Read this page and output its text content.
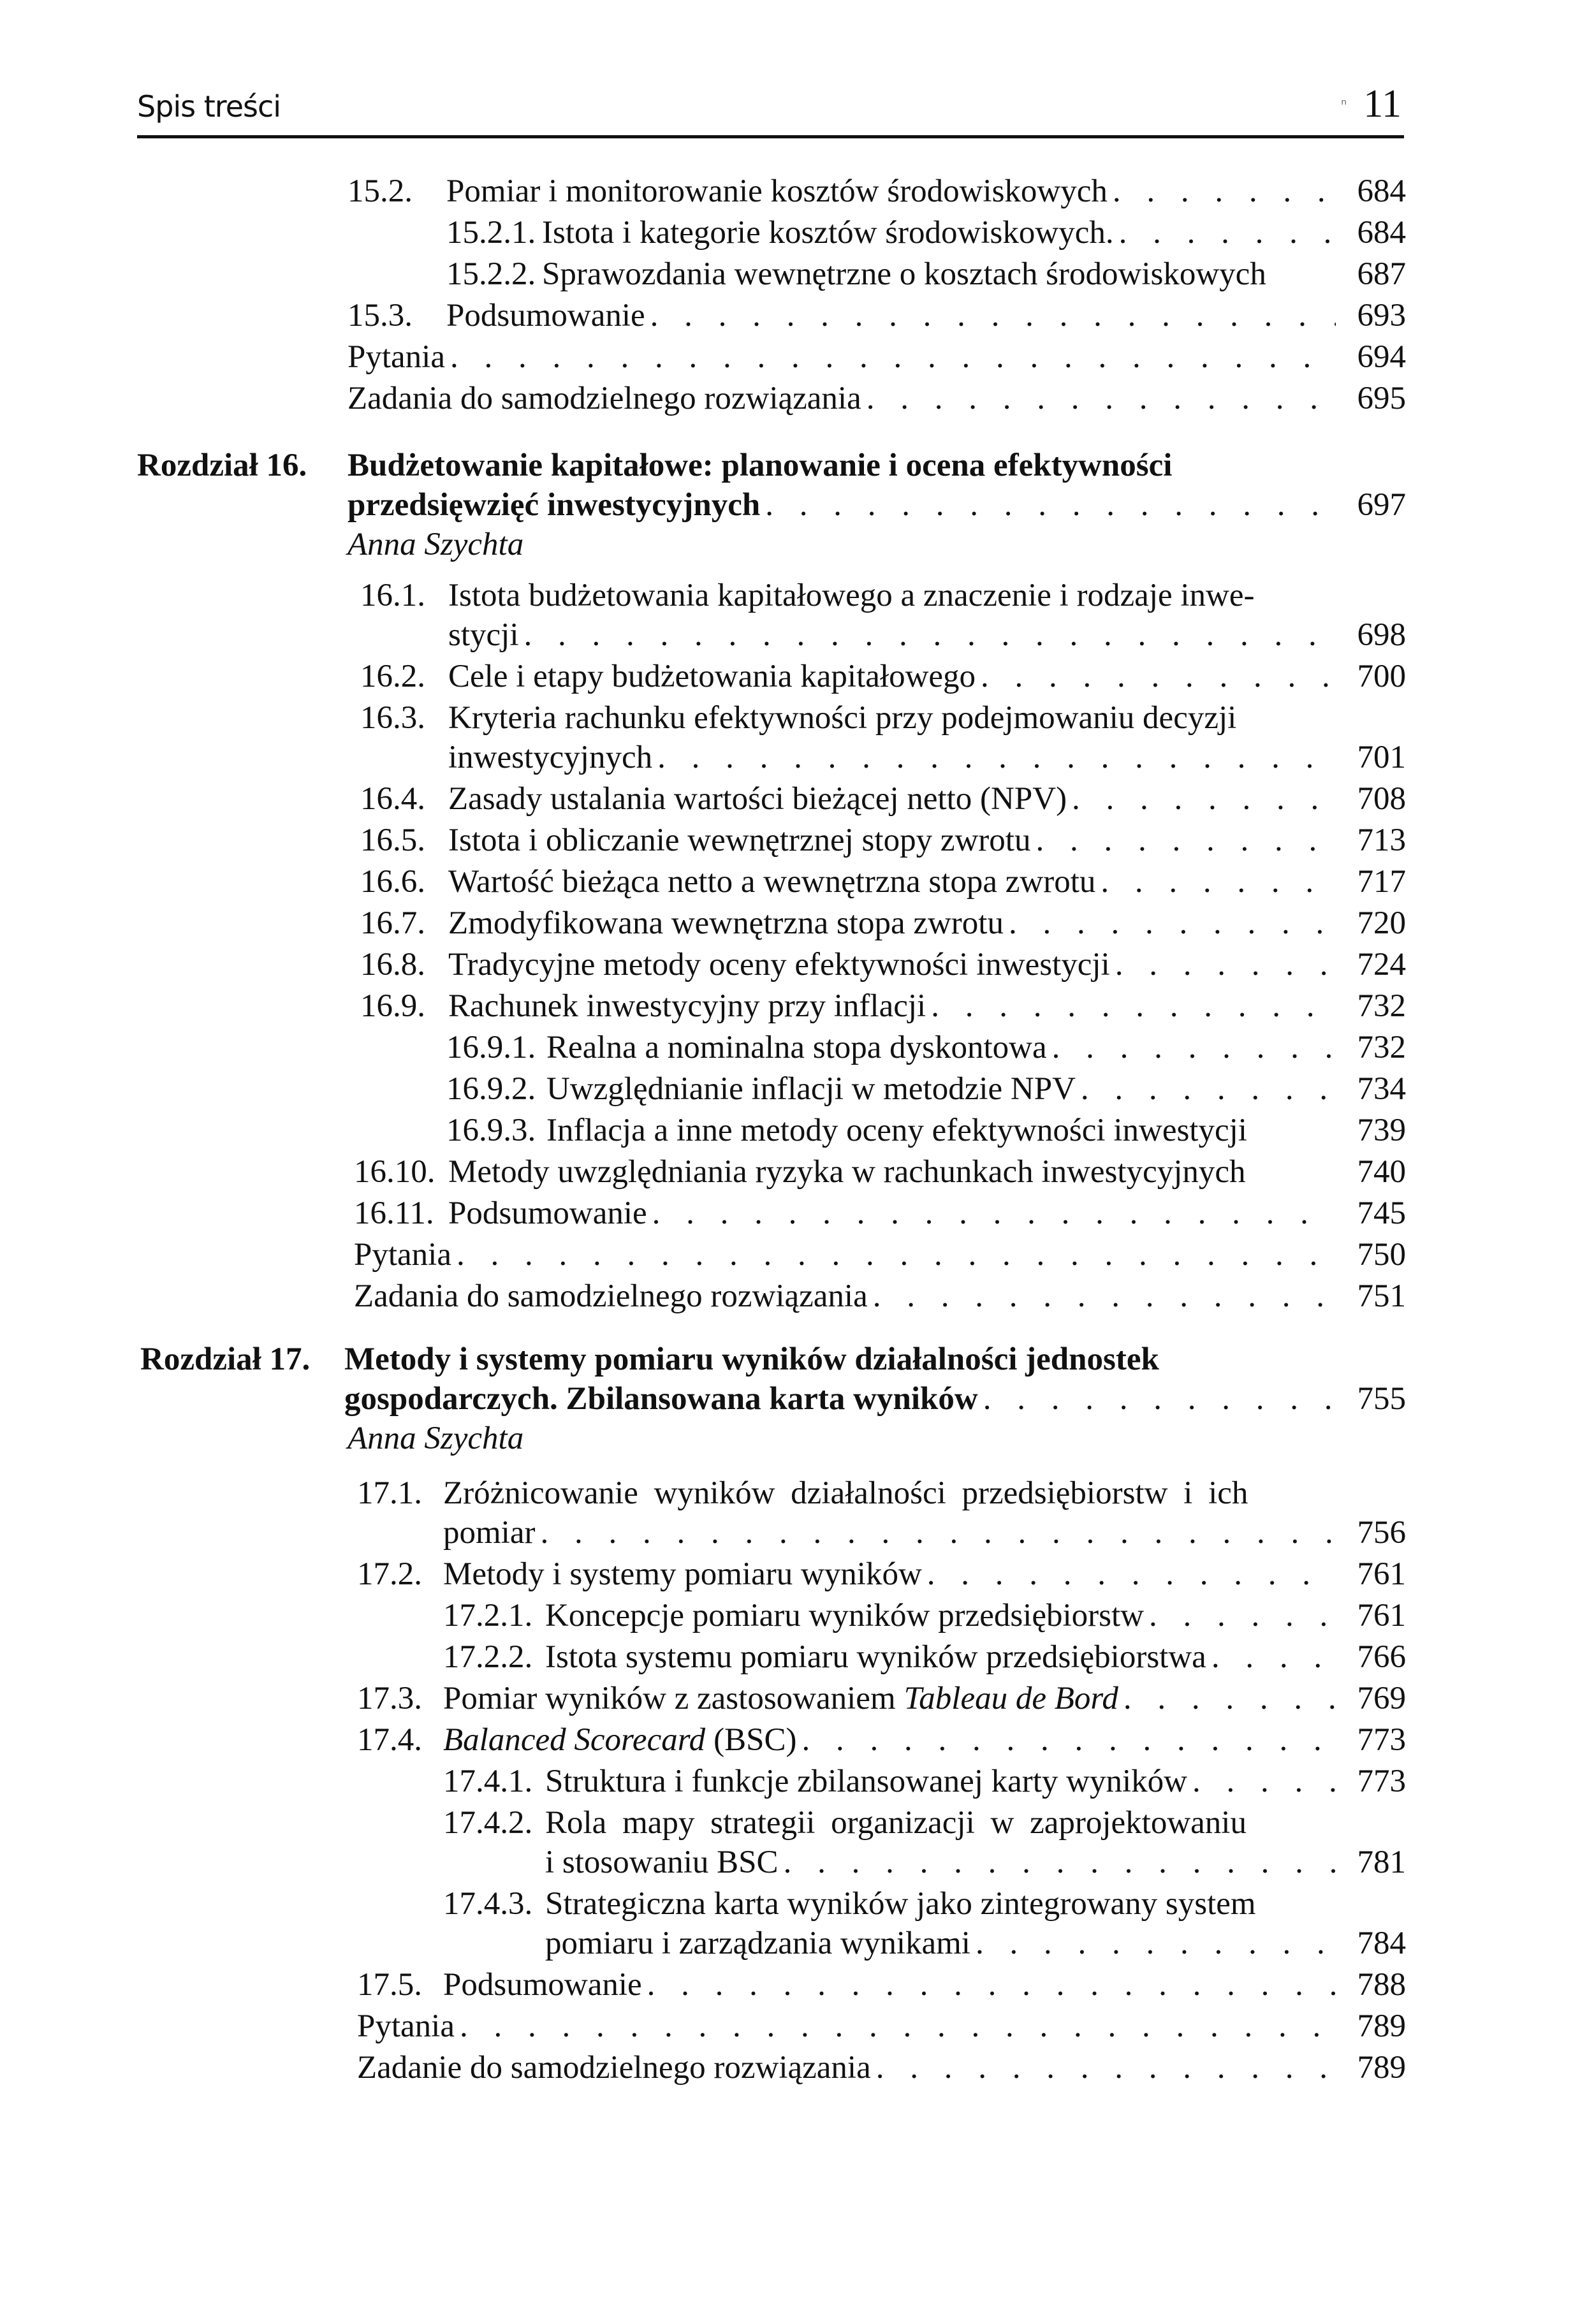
Spis treści	ⁿ 11
15.2.	Pomiar i monitorowanie kosztów środowiskowych . . .	684
15.2.1. Istota i kategorie kosztów środowiskowych. . . .	684
15.2.2. Sprawozdania wewnętrzne o kosztach środowiskowych	687
15.3.	Podsumowanie . . .	693
Pytania . . .	694
Zadania do samodzielnego rozwiązania . . .	695
Rozdział 16. Budżetowanie kapitałowe: planowanie i ocena efektywności
przedsięwzięć inwestycyjnych . . .	697
Anna Szychta
16.1. Istota budżetowania kapitałowego a znaczenie i rodzaje inwe-
stycji . . .	698
16.2. Cele i etapy budżetowania kapitałowego . . .	700
16.3. Kryteria rachunku efektywności przy podejmowaniu decyzji
inwestycyjnych . . .	701
16.4. Zasady ustalania wartości bieżącej netto (NPV) . . .	708
16.5. Istota i obliczanie wewnętrznej stopy zwrotu . . .	713
16.6. Wartość bieżąca netto a wewnętrzna stopa zwrotu . . .	717
16.7. Zmodyfikowana wewnętrzna stopa zwrotu . . .	720
16.8. Tradycyjne metody oceny efektywności inwestycji . . .	724
16.9. Rachunek inwestycyjny przy inflacji . . .	732
16.9.1. Realna a nominalna stopa dyskontowa . . .	732
16.9.2. Uwzględnianie inflacji w metodzie NPV . . .	734
16.9.3. Inflacja a inne metody oceny efektywności inwestycji	739
16.10. Metody uwzględniania ryzyka w rachunkach inwestycyjnych	740
16.11. Podsumowanie . . .	745
Pytania . . .	750
Zadania do samodzielnego rozwiązania . . .	751
Rozdział 17. Metody i systemy pomiaru wyników działalności jednostek
gospodarczych. Zbilansowana karta wyników . . .	755
Anna Szychta
17.1. Zróżnicowanie wyników działalności przedsiębiorstw i ich
pomiar . . .	756
17.2. Metody i systemy pomiaru wyników . . .	761
17.2.1. Koncepcje pomiaru wyników przedsiębiorstw . . .	761
17.2.2. Istota systemu pomiaru wyników przedsiębiorstwa . . .	766
17.3. Pomiar wyników z zastosowaniem Tableau de Bord . . .	769
17.4. Balanced Scorecard (BSC) . . .	773
17.4.1. Struktura i funkcje zbilansowanej karty wyników . . .	773
17.4.2. Rola mapy strategii organizacji w zaprojektowaniu
i stosowaniu BSC . . .	781
17.4.3. Strategiczna karta wyników jako zintegrowany system
pomiaru i zarządzania wynikami . . .	784
17.5. Podsumowanie . . .	788
Pytania . . .	789
Zadanie do samodzielnego rozwiązania . . .	789
